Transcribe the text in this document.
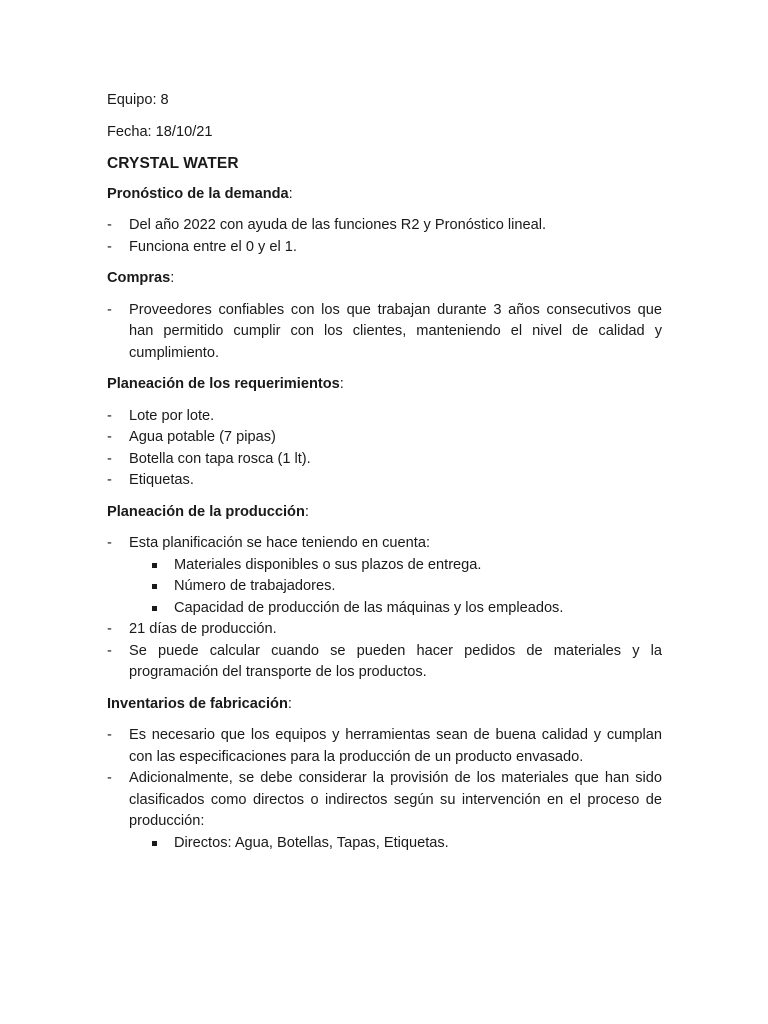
Equipo: 8

Fecha: 18/10/21

CRYSTAL WATER

Pronóstico de la demanda:

- Del año 2022 con ayuda de las funciones R2 y Pronóstico lineal.
- Funciona entre el 0 y el 1.

Compras:

- Proveedores confiables con los que trabajan durante 3 años consecutivos que han permitido cumplir con los clientes, manteniendo el nivel de calidad y cumplimiento.

Planeación de los requerimientos:

- Lote por lote.
- Agua potable (7 pipas)
- Botella con tapa rosca (1 lt).
- Etiquetas.

Planeación de la producción:

- Esta planificación se hace teniendo en cuenta:
Materiales disponibles o sus plazos de entrega.
Número de trabajadores.
Capacidad de producción de las máquinas y los empleados.
- 21 días de producción.
- Se puede calcular cuando se pueden hacer pedidos de materiales y la programación del transporte de los productos.

Inventarios de fabricación:

- Es necesario que los equipos y herramientas sean de buena calidad y cumplan con las especificaciones para la producción de un producto envasado.
- Adicionalmente, se debe considerar la provisión de los materiales que han sido clasificados como directos o indirectos según su intervención en el proceso de producción:
Directos: Agua, Botellas, Tapas, Etiquetas.
